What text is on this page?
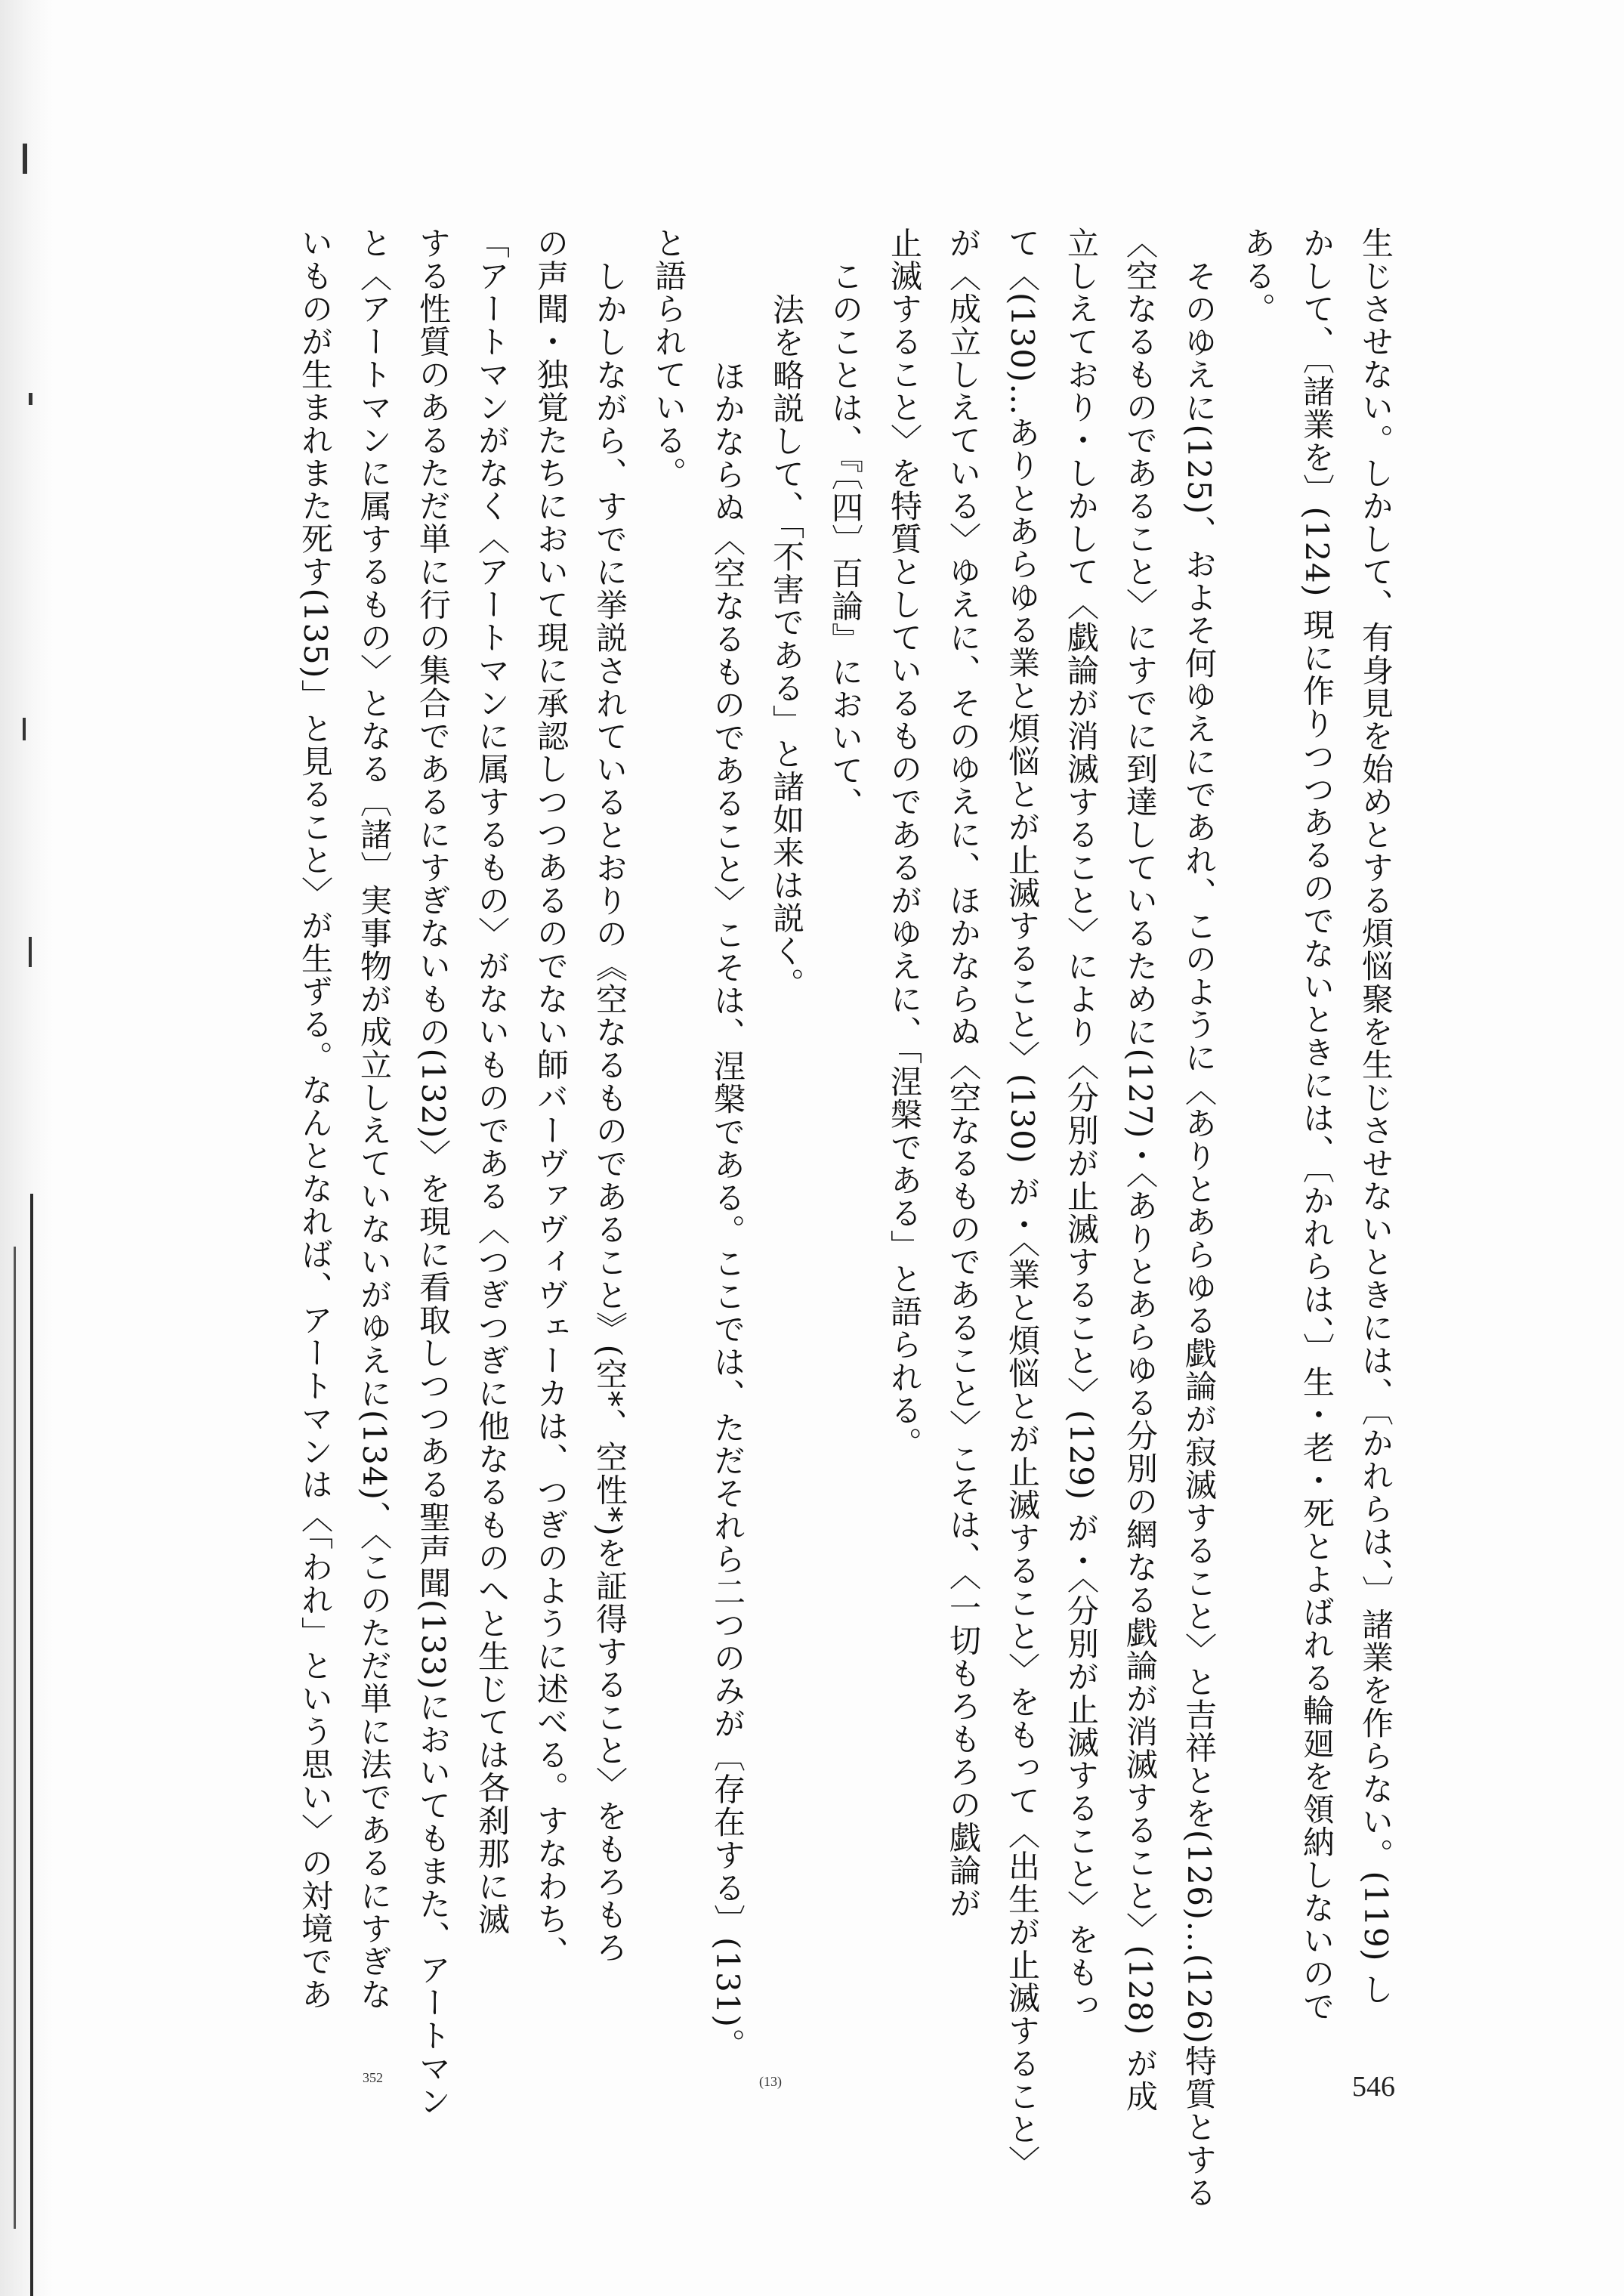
生じさせない。しかして、有身見を始めとする煩悩聚を生じさせないときには、〔かれらは、〕諸業を作らない。(119) し
かして、〔諸業を〕(124) 現に作りつつあるのでないときには、〔かれらは、〕生・老・死とよばれる輪廻を領納しないので
ある。
そのゆえに(125)、およそ何ゆえにであれ、このように〈ありとあらゆる戯論が寂滅すること〉と吉祥とを(126)…(126)特質とする
〈空なるものであること〉にすでに到達しているために(127)・〈ありとあらゆる分別の網なる戯論が消滅すること〉(128) が成
立しえており・しかして〈戯論が消滅すること〉により〈分別が止滅すること〉(129) が・〈分別が止滅すること〉をもっ
て〈(130)…ありとあらゆる業と煩悩とが止滅すること〉(130) が・〈業と煩悩とが止滅すること〉をもって〈出生が止滅すること〉
が〈成立しえている〉ゆえに、そのゆえに、ほかならぬ〈空なるものであること〉こそは、〈一切もろもろの戯論が
止滅すること〉を特質としているものであるがゆえに、「涅槃である」と語られる。
このことは、『〔四〕百論』において、
法を略説して、「不害である」と諸如来は説く。
ほかならぬ〈空なるものであること〉こそは、涅槃である。ここでは、ただそれら二つのみが〔存在する〕(131)。
と語られている。
しかしながら、すでに挙説されているとおりの《空なるものであること》(空*、空性*)を証得すること〉をもろもろ
の声聞・独覚たちにおいて現に承認しつつあるのでない師バーヴァヴィヴェーカは、つぎのように述べる。すなわち、
「アートマンがなく〈アートマンに属するもの〉がないものである〈つぎつぎに他なるものへと生じては各刹那に滅
する性質のあるただ単に行の集合であるにすぎないもの(132)〉を現に看取しつつある聖声聞(133)においてもまた、アートマン
と〈アートマンに属するもの〉となる〔諸〕実事物が成立しえていないがゆえに(134)、〈このただ単に法であるにすぎな
いものが生まれまた死す(135)」と見ること〉が生ずる。なんとなれば、アートマンは〈「われ」という思い〉の対境であ
352	(13)	546
